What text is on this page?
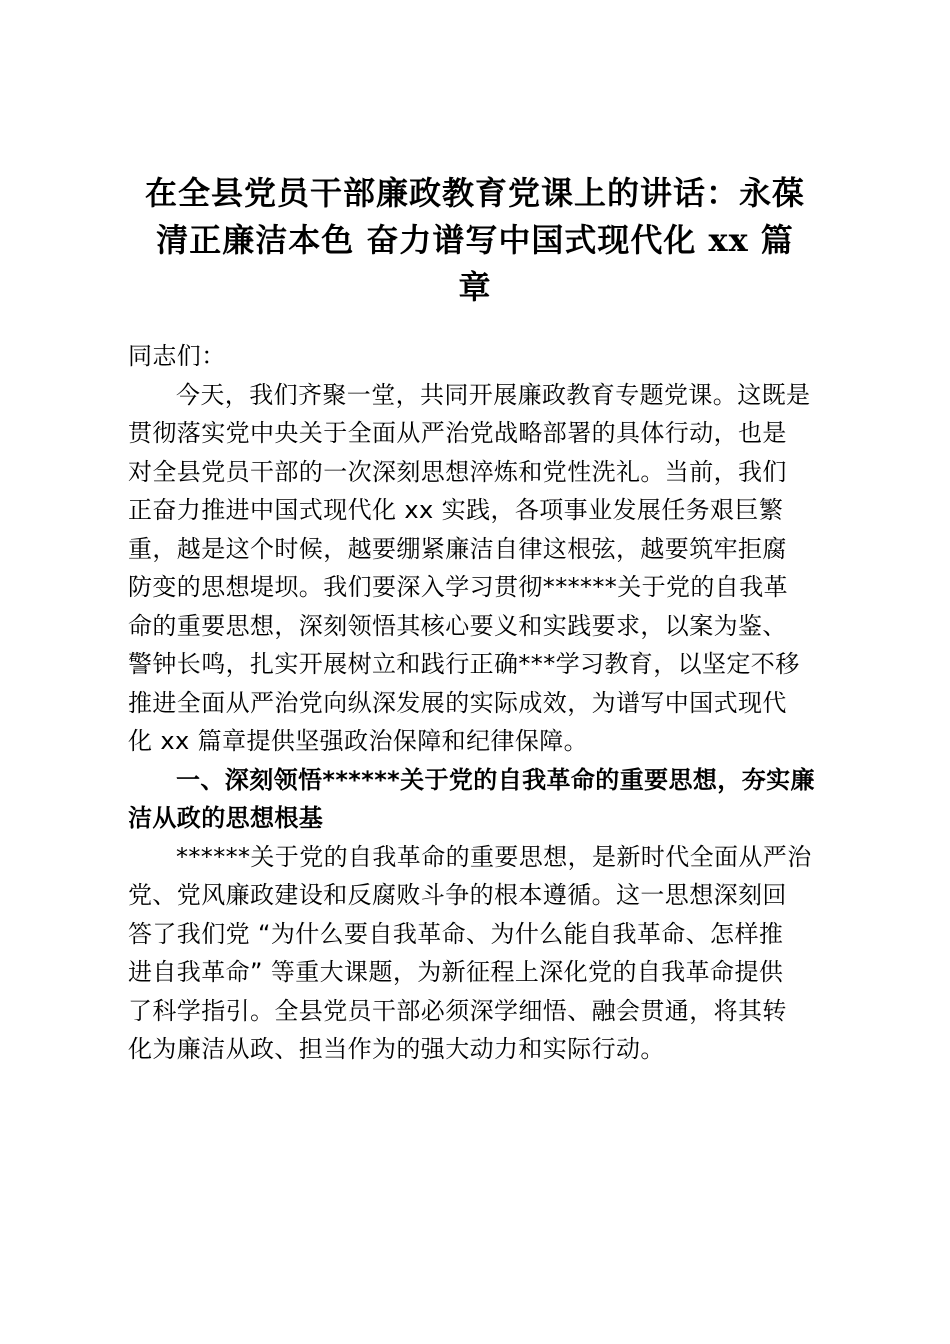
在全县党员干部廉政教育党课上的讲话：永葆
清正廉洁本色 奋力谱写中国式现代化 xx 篇
章

同志们：

今天，我们齐聚一堂，共同开展廉政教育专题党课。这既是
贯彻落实党中央关于全面从严治党战略部署的具体行动，也是
对全县党员干部的一次深刻思想淬炼和党性洗礼。当前，我们
正奋力推进中国式现代化 xx 实践，各项事业发展任务艰巨繁
重，越是这个时候，越要绷紧廉洁自律这根弦，越要筑牢拒腐
防变的思想堤坝。我们要深入学习贯彻******关于党的自我革
命的重要思想，深刻领悟其核心要义和实践要求，以案为鉴、
警钟长鸣，扎实开展树立和践行正确***学习教育，以坚定不移
推进全面从严治党向纵深发展的实际成效，为谱写中国式现代
化 xx 篇章提供坚强政治保障和纪律保障。

一、深刻领悟******关于党的自我革命的重要思想，夯实廉
洁从政的思想根基

******关于党的自我革命的重要思想，是新时代全面从严治
党、党风廉政建设和反腐败斗争的根本遵循。这一思想深刻回
答了我们党 “为什么要自我革命、为什么能自我革命、怎样推
进自我革命” 等重大课题，为新征程上深化党的自我革命提供
了科学指引。全县党员干部必须深学细悟、融会贯通，将其转
化为廉洁从政、担当作为的强大动力和实际行动。
